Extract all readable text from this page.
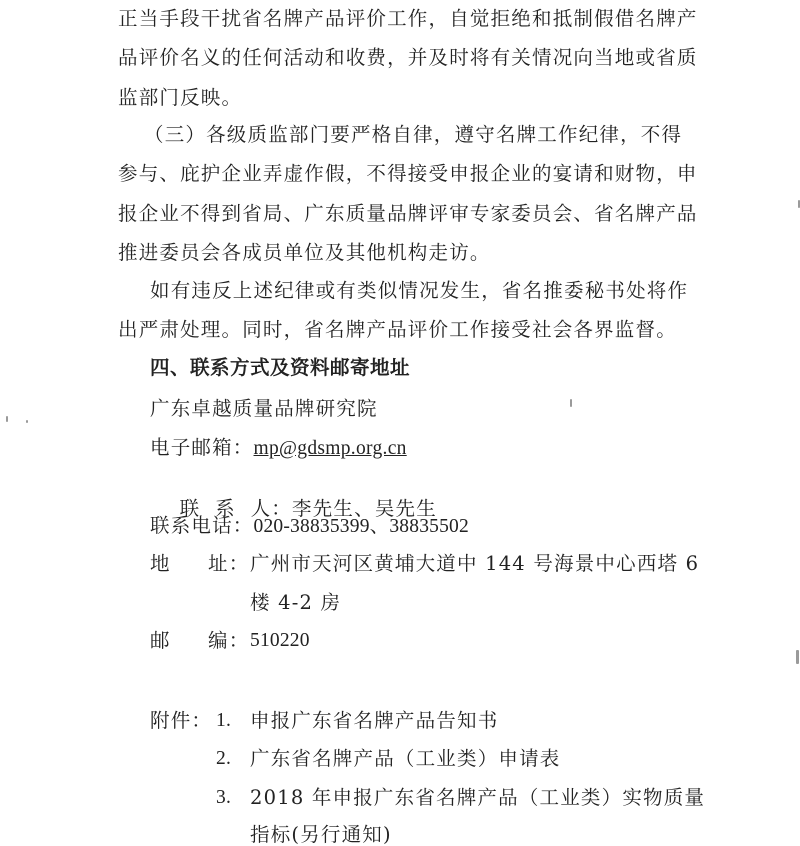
正当手段干扰省名牌产品评价工作，自觉拒绝和抵制假借名牌产
品评价名义的任何活动和收费，并及时将有关情况向当地或省质
监部门反映。
（三）各级质监部门要严格自律，遵守名牌工作纪律，不得
参与、庇护企业弄虚作假，不得接受申报企业的宴请和财物，申
报企业不得到省局、广东质量品牌评审专家委员会、省名牌产品
推进委员会各成员单位及其他机构走访。
如有违反上述纪律或有类似情况发生，省名推委秘书处将作
出严肃处理。同时，省名牌产品评价工作接受社会各界监督。
四、联系方式及资料邮寄地址
广东卓越质量品牌研究院
电子邮箱：mp@gdsmp.org.cn

联  系  人：李先生、吴先生

联系电话：020-38835399、38835502
地 址： 广州市天河区黄埔大道中 144 号海景中心西塔 6
楼 4-2 房
邮 编： 510220
附件： 1. 申报广东省名牌产品告知书
2. 广东省名牌产品（工业类）申请表
3. 2018 年申报广东省名牌产品（工业类）实物质量
指标(另行通知)
